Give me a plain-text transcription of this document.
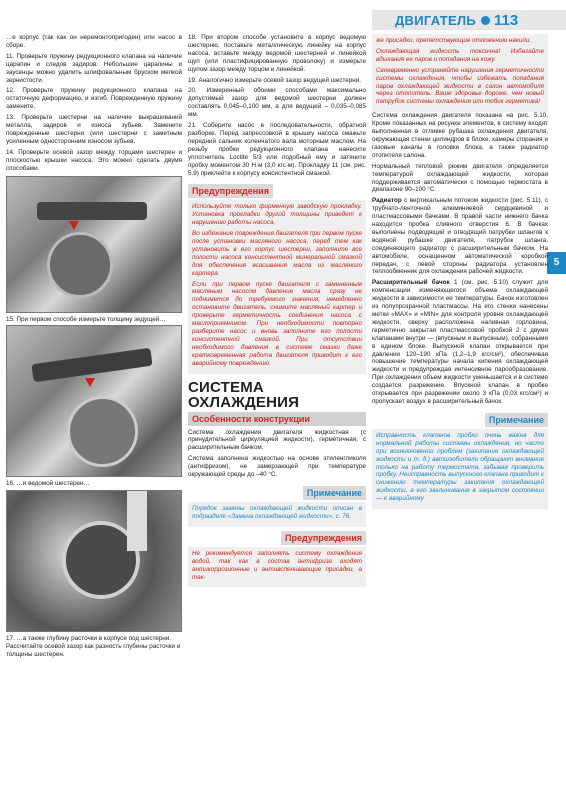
ДВИГАТЕЛЬ 113
5

…е корпус (так как он неремонтопригоден) или насос в сборе.

11. Проверьте пружину редукционного клапана на наличие царапин и следов задиров. Небольшие царапины и заусенцы можно удалить шлифовальным бруском мелкой зернистости.

12. Проверьте пружину редукционного клапана на остаточную деформацию, и изгиб. Поврежденную пружину замените.

13. Проверьте шестерни на наличие выкрашиваний металла, задиров и износа зубьев. Замените поврежденные шестерни (или шестерни с заметным усиленным односторонним износом зубьев.

14. Проверьте осевой зазор между торцами шестерен и плоскостью крышки насоса. Это можно сделать двумя способами.

15. При первом способе измерьте толщину зедущей…

16. …и ведомой шестерен…

17. …а также глубину расточки в корпусе под шестерни. Рассчитайте осевой зазор как разность глубины расточки и толщины шестерен.

18. При втором способе установите в корпус ведомую шестерню, поставьте металлическую линейку на корпус насоса, вставьте между ведомой шестерней и линейкой щуп (или пластифицированную проволоку) и измерьте щупом зазор между торцом и линейкой.

19. Аналогично измерьте осевой зазор ведущей шестерни.

20. Измеренный обоими способами максимально допустимый зазор для ведомой шестерни должен составлять 0,045–0,100 мм, а для ведущей – 0,035–0,085 мм.

21. Соберите насос в последовательности, обратной разборке. Перед запрессовкой в крышку насоса смажьте передний сальник коленчатого вала моторным маслом. На резьбу пробки редукционного клапана нанесите уплотнитель Loctite 5/3 или подобный ему и затяните пробку моментом 30 Н·м (3,0 кгс·м). Прокладку 11 (см. рис. 5.9) приклейте к корпусу консистентной смазкой.

Предупреждения

Используйте только фирменную заводскую прокладку. Установка прокладки другой толщины приведет к нарушению работы насоса.

Во избежание повреждения двигателя при первом пуске после установки масляного насоса, перед тем как установить в его корпус шестерни, заполните все полости насоса консистентной минеральной смазкой для обеспечения всасывания масла из масляного картера.

Если при первом пуске двигателя с замененным масляным насосом давление масла сразу не поднимется до требуемого значения, немедленно остановите двигатель, снимите масляный картер и проверьте герметичность соединения насоса с маслоприемником. При необходимости повторно разберите насос и вновь заполните его полости консистентной смазкой. При отсутствии необходимого давления в системе смазки даже кратковременная работа двигателя приводит к его аварийному повреждению.

СИСТЕМА
ОХЛАЖДЕНИЯ
Особенности конструкции

Система охлаждения двигателя жидкостная (с принудительной циркуляцией жидкости), герметичная, с расширительным бачком.

Система заполнена жидкостью на основе этиленгликоля (антифризом), не замерзающей при температуре окружающей среды до –40 °С.

Примечание

Порядок замены охлаждающей жидкости описан в подразделе «Замена охлаждающей жидкости», с. 76.

Предупреждения

Не рекомендуется заполнять систему охлаждения водой, так как в состав антифриза входят антикоррозионные и антивспенивающие присадки, а так-

же присадки, препятствующие отложению накипи.

Охлаждающая жидкость токсична! Избегайте вдыхания ее паров и попадания на кожу.

Своевременно устраняйте нарушения герметичности системы охлаждения, чтобы избежать попадания паров охлаждающей жидкости в салон автомобиля через отопитель. Ваше здоровье дороже, чем новый патрубок системы охлаждения или тобик герметика!

Система охлаждения двигателя показана на рис. 5.10. Кроме показанных на рисунке элементов, в систему входят выполненная в отливке рубашка охлаждения двигателя, окружающая стенки цилиндров в блоке, камеры сгорания и газовые каналы в головке блока, а также радиатор отопителя салона.

Нормальный тепловой режим двигателя определяется температурой охлаждающей жидкости, которая поддерживается автоматически с помощью термостата в диапазоне 90–100 °С.

Радиатор с вертикальным потоком жидкости (рис. 5.11), с трубчато-ленточной алюминиевой сердцевиной и пластмассовыми бачками. В правой части нижнего бачка находится пробка сливного отверстия 6. В бачках выполнены подводящий и отводящий патрубки шлангов к водяной рубашке двигателя, патрубок шланга, соединяющего радиатор с расширительным бачком. На автомобиле, оснащенном автоматической коробкой передач, с левой стороны радиатора установлен теплообменник для охлаждения рабочей жидкости.

Расширительный бачок 1 (см. рис. 5.10) служит для компенсации изменяющегося объема охлаждающей жидкости в зависимости ее температуры. Бачок изготовлен из полупрозрачной пластмассы. На его стенки нанесены метки «MAX» и «MIN» для контроля уровня охлаждающей жидкости, сверху расположена наливная горловина, герметично закрытая пластмассовой пробкой 2 с двумя клапанами внутри — (впускным и выпускным), собранными в едином блоке. Выпускной клапан открывается при давлении 120–190 кПа (1,2–1,9 кгс/см²), обеспечивая повышение температуры начала кипения охлаждающей жидкости и предупреждая интенсивное парообразование. При охлаждении объем жидкости уменьшается и в системе создается разрежение. Впускной клапан в пробке открывается при разрежении около 3 кПа (0,03 кгс/см²) и пропускает воздух в расширительный бачок.

Примечание

Исправность клапанов пробки очень важна для нормальной работы системы охлаждения, но часто при возникновении проблем (закипание охлаждающей жидкости и т. д.) автолюбители обращают внимание только на работу термостата, забывая проверить пробку. Неисправность выпускного клапана приводит к снижению температуры закипания охлаждающей жидкости, а его заклинивание в закрытом состоянии — к аварийному
